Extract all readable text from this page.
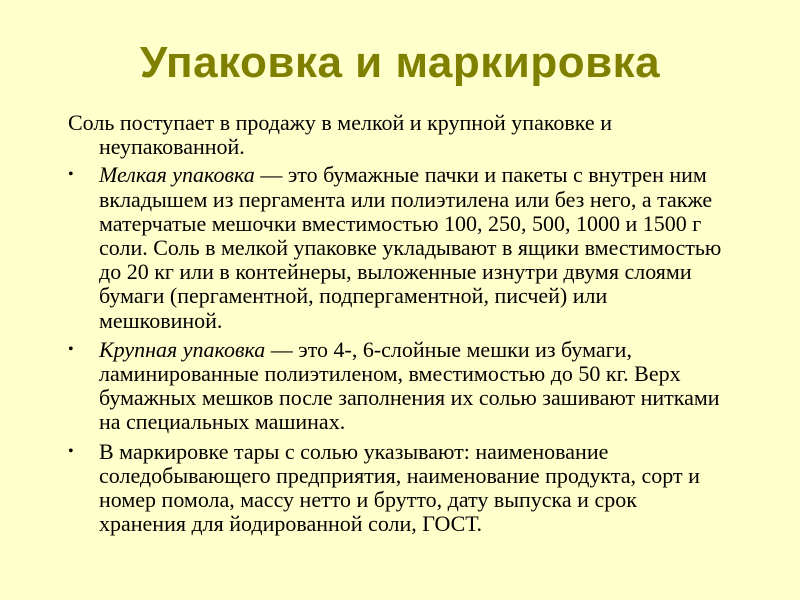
Упаковка и маркировка

Соль поступает в продажу в мелкой и крупной упаковке и
неупакованной.

•	Мелкая упаковка — это бумажные пачки и пакеты с внутрен ним вкладышем из пергамента или полиэтилена или без него, а также матерчатые мешочки вместимостью 100, 250, 500, 1000 и 1500 г соли. Соль в мелкой упаковке укладывают в ящики вместимостью до 20 кг или в контейнеры, выложенные изнутри двумя слоями бумаги (пергаментной, подпергаментной, писчей) или мешковиной.
•	Крупная упаковка — это 4-, 6-слойные мешки из бумаги, ламинированные полиэтиленом, вместимостью до 50 кг. Верх бумажных мешков после заполнения их солью зашивают нитками на специальных машинах.
•	В маркировке тары с солью указывают: наименование соледобывающего предприятия, наименование продукта, сорт и номер помола, массу нетто и брутто, дату выпуска и срок хранения для йодированной соли, ГОСТ.
